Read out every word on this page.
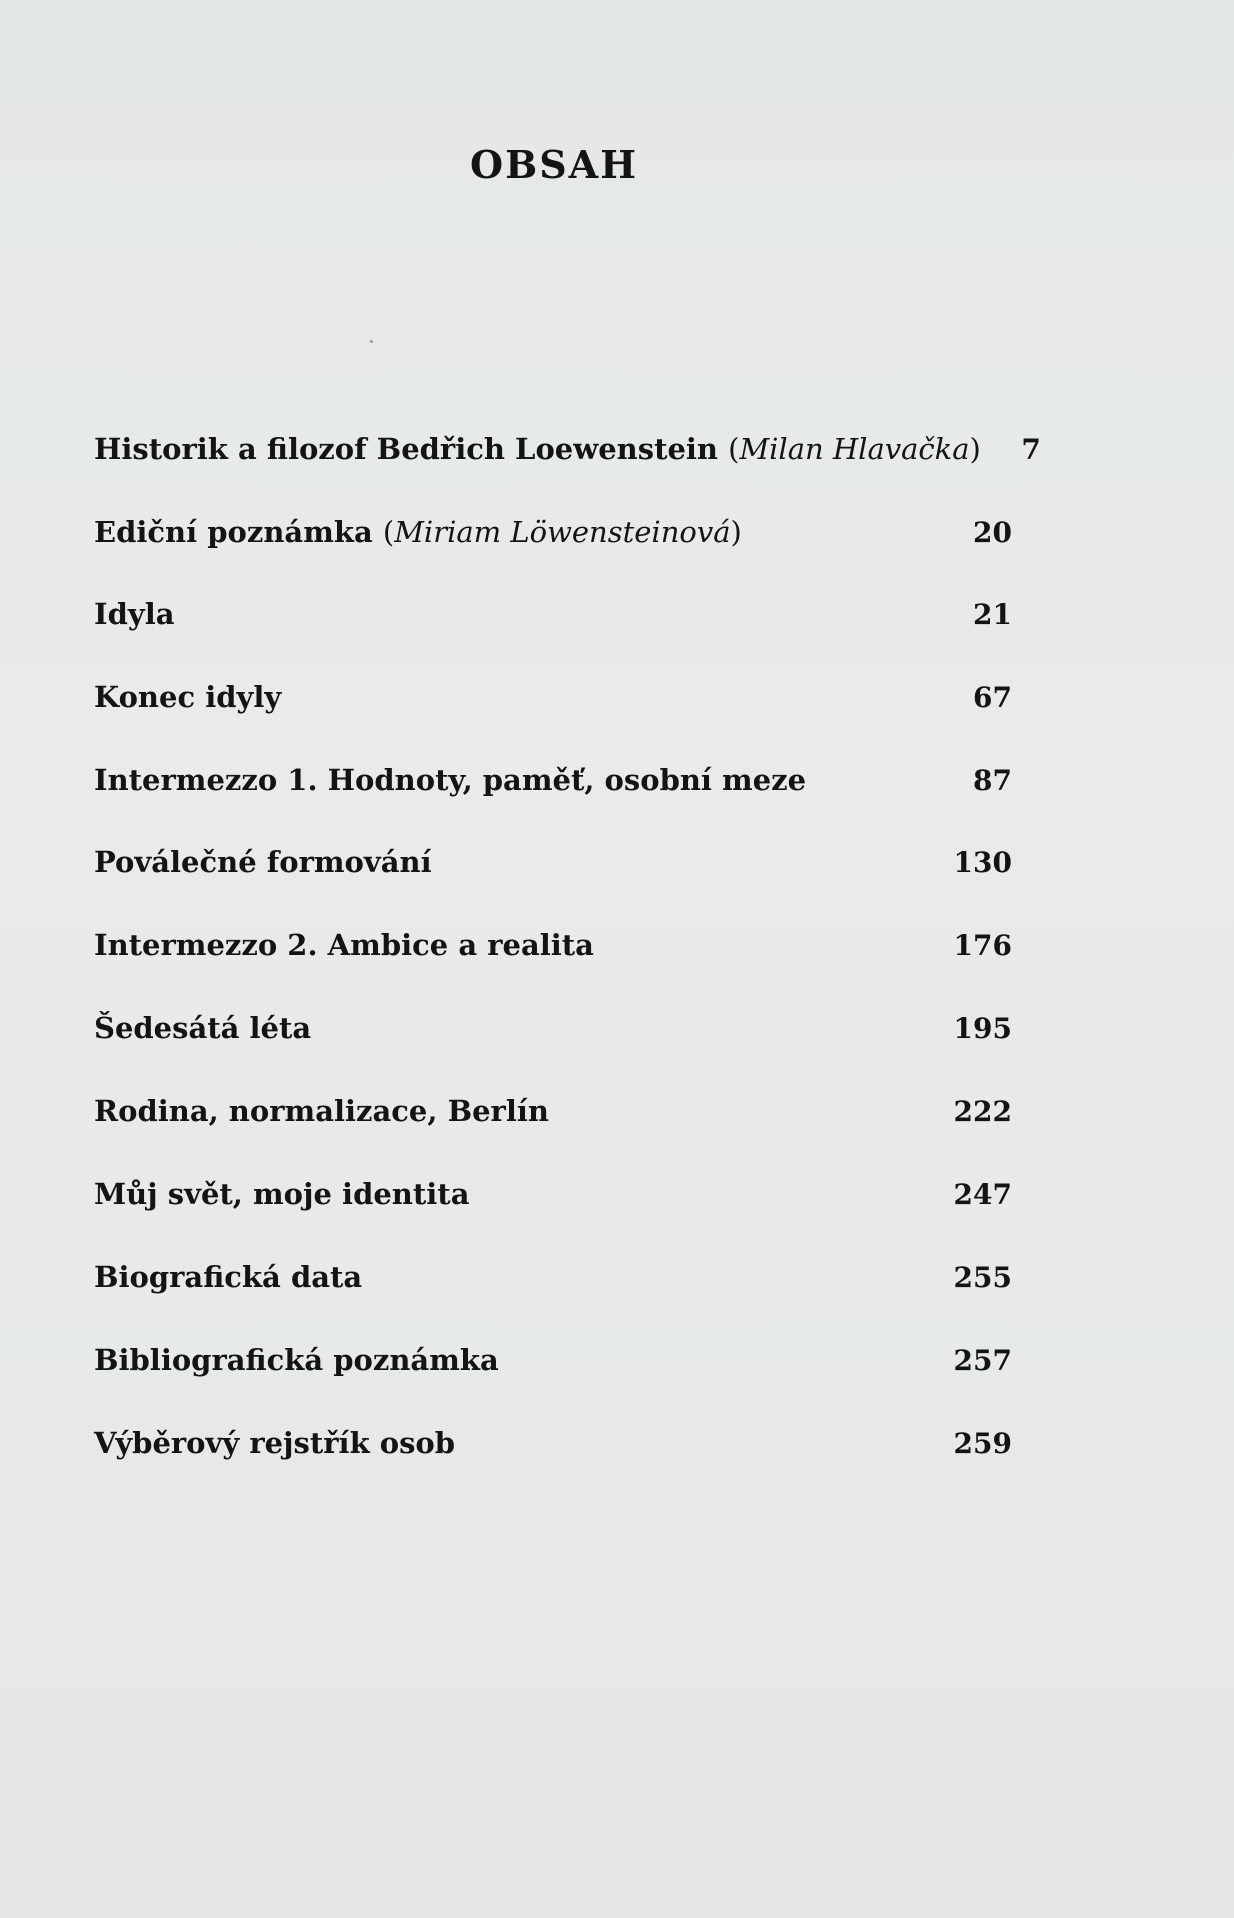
OBSAH
Historik a filozof Bedřich Loewenstein (Milan Hlavačka)	7
Ediční poznámka (Miriam Löwensteinová)	20
Idyla	21
Konec idyly	67
Intermezzo 1. Hodnoty, paměť, osobní meze	87
Poválečné formování	130
Intermezzo 2. Ambice a realita	176
Šedesátá léta	195
Rodina, normalizace, Berlín	222
Můj svět, moje identita	247
Biografická data	255
Bibliografická poznámka	257
Výběrový rejstřík osob	259
